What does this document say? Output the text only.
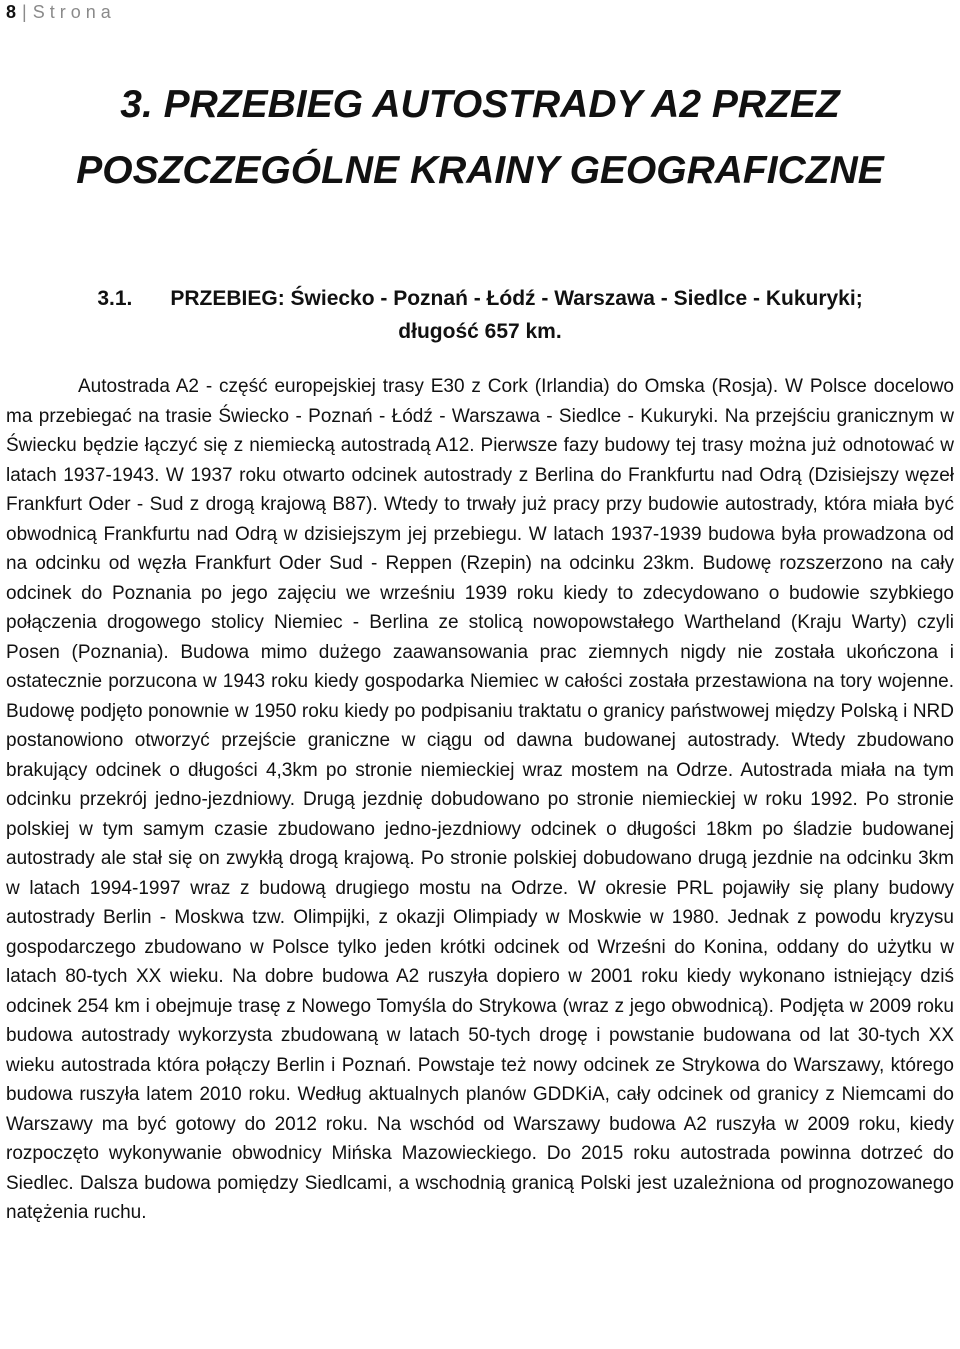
8 | Strona
3. PRZEBIEG AUTOSTRADY A2 PRZEZ
POSZCZEGÓLNE KRAINY GEOGRAFICZNE
3.1. PRZEBIEG: Świecko - Poznań - Łódź - Warszawa - Siedlce - Kukuryki;
długość 657 km.

Autostrada A2 - część europejskiej trasy E30 z Cork (Irlandia) do Omska (Rosja). W Polsce docelowo ma przebiegać na trasie Świecko - Poznań - Łódź - Warszawa - Siedlce - Kukuryki. Na przejściu granicznym w Świecku będzie łączyć się z niemiecką autostradą A12. Pierwsze fazy budowy tej trasy można już odnotować w latach 1937-1943. W 1937 roku otwarto odcinek autostrady z Berlina do Frankfurtu nad Odrą (Dzisiejszy węzeł Frankfurt Oder - Sud z drogą krajową B87). Wtedy to trwały już pracy przy budowie autostrady, która miała być obwodnicą Frankfurtu nad Odrą w dzisiejszym jej przebiegu. W latach 1937-1939 budowa była prowadzona od na odcinku od węzła Frankfurt Oder Sud - Reppen (Rzepin) na odcinku 23km. Budowę rozszerzono na cały odcinek do Poznania po jego zajęciu we wrześniu 1939 roku kiedy to zdecydowano o budowie szybkiego połączenia drogowego stolicy Niemiec - Berlina ze stolicą nowopowstałego Wartheland (Kraju Warty) czyli Posen (Poznania). Budowa mimo dużego zaawansowania prac ziemnych nigdy nie została ukończona i ostatecznie porzucona w 1943 roku kiedy gospodarka Niemiec w całości została przestawiona na tory wojenne. Budowę podjęto ponownie w 1950 roku kiedy po podpisaniu traktatu o granicy państwowej między Polską i NRD postanowiono otworzyć przejście graniczne w ciągu od dawna budowanej autostrady. Wtedy zbudowano brakujący odcinek o długości 4,3km po stronie niemieckiej wraz mostem na Odrze. Autostrada miała na tym odcinku przekrój jedno-jezdniowy. Drugą jezdnię dobudowano po stronie niemieckiej w roku 1992. Po stronie polskiej w tym samym czasie zbudowano jedno-jezdniowy odcinek o długości 18km po śladzie budowanej autostrady ale stał się on zwykłą drogą krajową. Po stronie polskiej dobudowano drugą jezdnie na odcinku 3km w latach 1994-1997 wraz z budową drugiego mostu na Odrze. W okresie PRL pojawiły się plany budowy autostrady Berlin - Moskwa tzw. Olimpijki, z okazji Olimpiady w Moskwie w 1980. Jednak z powodu kryzysu gospodarczego zbudowano w Polsce tylko jeden krótki odcinek od Wrześni do Konina, oddany do użytku w latach 80-tych XX wieku. Na dobre budowa A2 ruszyła dopiero w 2001 roku kiedy wykonano istniejący dziś odcinek 254 km i obejmuje trasę z Nowego Tomyśla do Strykowa (wraz z jego obwodnicą). Podjęta w 2009 roku budowa autostrady wykorzysta zbudowaną w latach 50-tych drogę i powstanie budowana od lat 30-tych XX wieku autostrada która połączy Berlin i Poznań. Powstaje też nowy odcinek ze Strykowa do Warszawy, którego budowa ruszyła latem 2010 roku. Według aktualnych planów GDDKiA, cały odcinek od granicy z Niemcami do Warszawy ma być gotowy do 2012 roku. Na wschód od Warszawy budowa A2 ruszyła w 2009 roku, kiedy rozpoczęto wykonywanie obwodnicy Mińska Mazowieckiego. Do 2015 roku autostrada powinna dotrzeć do Siedlec. Dalsza budowa pomiędzy Siedlcami, a wschodnią granicą Polski jest uzależniona od prognozowanego natężenia ruchu.
